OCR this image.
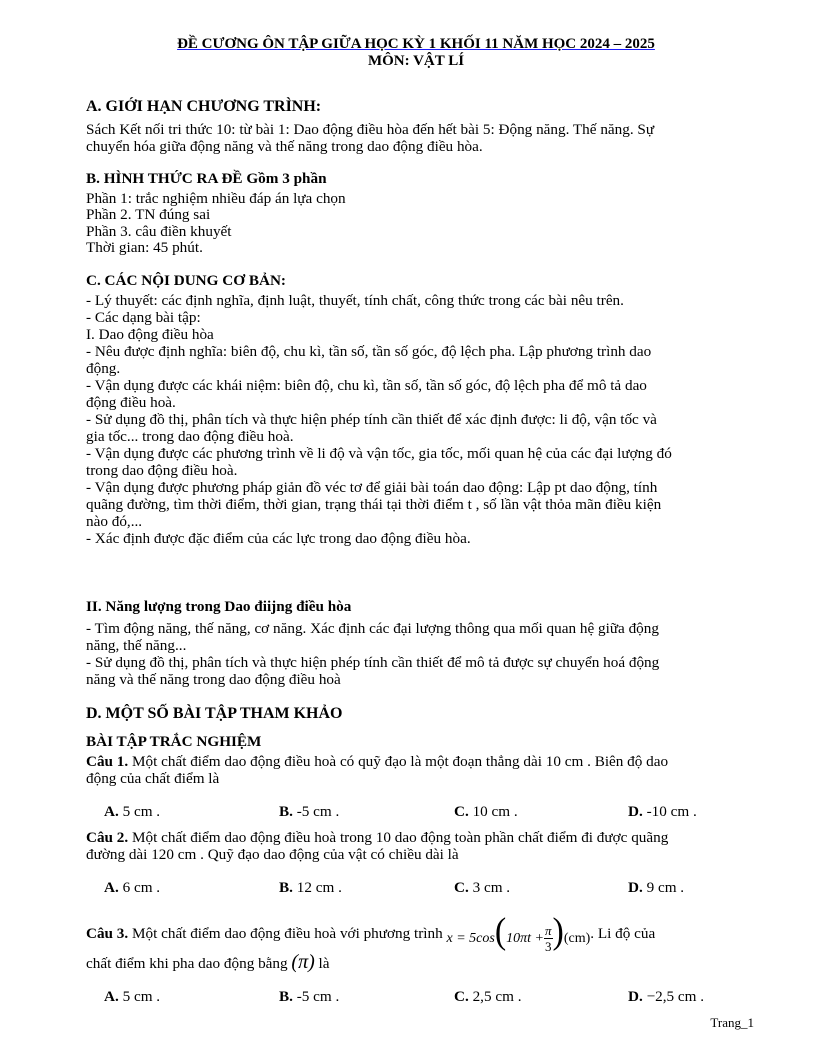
ĐỀ CƯƠNG ÔN TẬP GIỮA HỌC KỲ 1 KHỐI 11 NĂM HỌC 2024 – 2025
MÔN: VẬT LÍ
A. GIỚI HẠN CHƯƠNG TRÌNH:
Sách Kết nối tri thức 10: từ bài 1: Dao động điều hòa đến hết bài 5: Động năng. Thế năng. Sự
chuyển hóa giữa động năng và thế năng trong dao động điều hòa.
B. HÌNH THỨC RA ĐỀ Gồm 3 phần
Phần 1: trắc nghiệm nhiều đáp án lựa chọn
Phần 2. TN đúng sai
Phần 3. câu điền khuyết
Thời gian: 45 phút.
C. CÁC NỘI DUNG CƠ BẢN:
- Lý thuyết: các định nghĩa, định luật, thuyết, tính chất, công thức trong các bài nêu trên.
- Các dạng bài tập:
I. Dao động điều hòa
- Nêu được định nghĩa: biên độ, chu kì, tần số, tần số góc, độ lệch pha. Lập phương trình dao
động.
- Vận dụng được các khái niệm: biên độ, chu kì, tần số, tần số góc, độ lệch pha để mô tả dao
động điều hoà.
- Sử dụng đồ thị, phân tích và thực hiện phép tính cần thiết để xác định được: li độ, vận tốc và
gia tốc... trong dao động điều hoà.
- Vận dụng được các phương trình về li độ và vận tốc, gia tốc, mối quan hệ của các đại lượng đó
trong dao động điều hoà.
- Vận dụng được phương pháp giản đồ véc tơ để giải bài toán dao động: Lập pt dao động, tính
quãng đường, tìm thời điểm, thời gian, trạng thái tại thời điểm t , số lần vật thỏa mãn điều kiện
nào đó,...
- Xác định được đặc điểm của các lực trong dao động điều hòa.
II. Năng lượng trong Dao điijng điều hòa
- Tìm động năng, thế năng, cơ năng. Xác định các đại lượng thông qua mối quan hệ giữa động
năng, thế năng...
- Sử dụng đồ thị, phân tích và thực hiện phép tính cần thiết để mô tả được sự chuyển hoá động
năng và thế năng trong dao động điều hoà
D. MỘT SỐ BÀI TẬP THAM KHẢO
BÀI TẬP TRẮC NGHIỆM
Câu 1. Một chất điểm dao động điều hoà có quỹ đạo là một đoạn thẳng dài 10 cm . Biên độ dao
động của chất điểm là
A. 5 cm .	B. -5 cm .	C. 10 cm .	D. -10 cm .
Câu 2. Một chất điểm dao động điều hoà trong 10 dao động toàn phần chất điểm đi được quãng
đường dài 120 cm . Quỹ đạo dao động của vật có chiều dài là
A. 6 cm .	B. 12 cm .	C. 3 cm .	D. 9 cm .
Câu 3. Một chất điểm dao động điều hoà với phương trình $x = 5\cos(10\pi t + \frac{\pi}{3} )(cm)$. Li độ của
chất điểm khi pha dao động bằng (π) là
A. 5 cm .	B. -5 cm .	C. 2,5 cm .	D. −2,5 cm .
Trang_1
